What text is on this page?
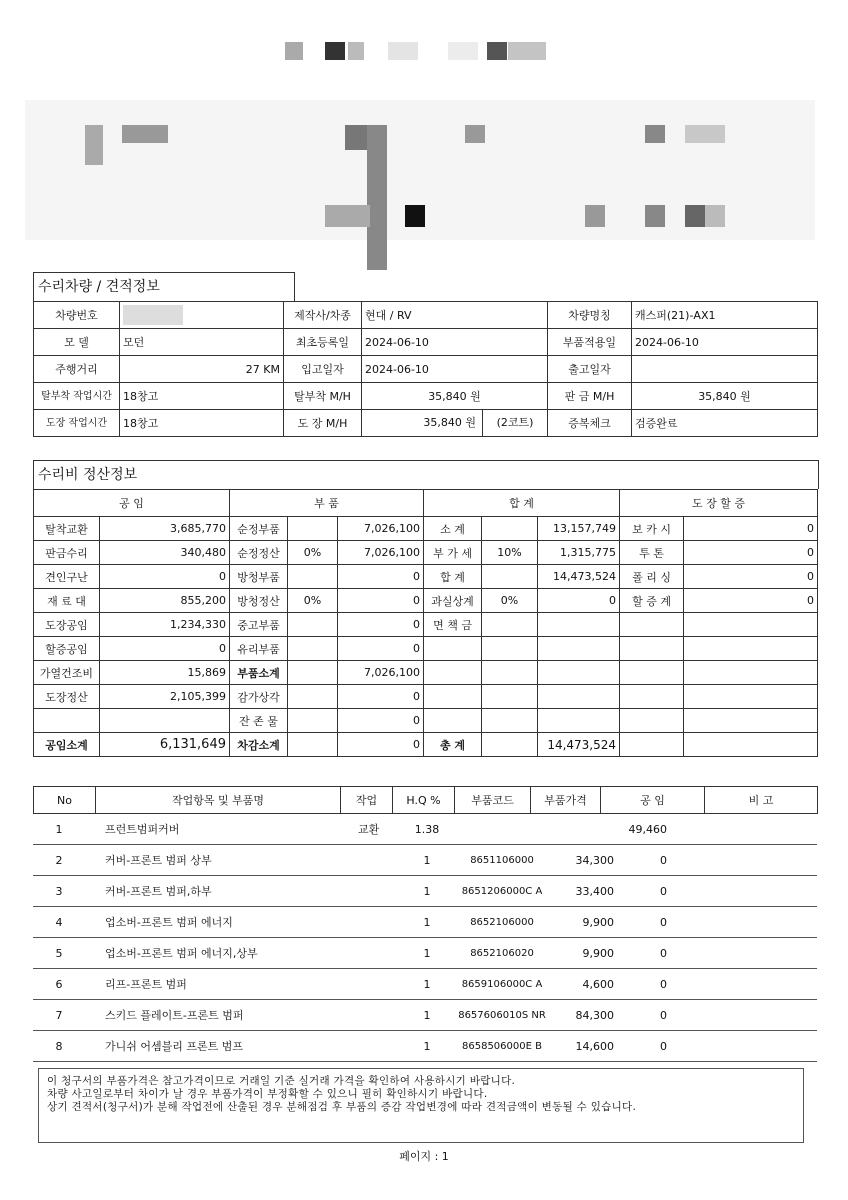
수리차량 / 견적정보
차량번호		제작사/차종	현대 / RV	차량명칭	캐스퍼(21)-AX1
모 델	모던	최초등록일	2024-06-10	부품적용일	2024-06-10
주행거리	27 KM	입고일자	2024-06-10	출고일자	
탈부착 작업시간	18창고	탈부착 M/H	35,840 원	판 금 M/H	35,840 원
도장 작업시간	18창고	도 장 M/H	35,840 원 (2코트)	증복체크	검증완료
수리비 정산정보
공 임		부 품			합 계			도 장 할 증	
탈착교환	3,685,770	순정부품		7,026,100	소 계		13,157,749	보 카 시	0
판금수리	340,480	순정정산	0%	7,026,100	부 가 세	10%	1,315,775	투 톤	0
견인구난	0	방청부품		0	합 계		14,473,524	폴 리 싱	0
재 료 대	855,200	방청정산	0%	0	과실상계	0%	0	할 증 계	0
도장공임	1,234,330	중고부품		0	면 책 금				
할증공임	0	유리부품		0					
가열건조비	15,869	부품소계		7,026,100					
도장정산	2,105,399	감가상각		0					
		잔 존 물		0					
공임소계	6,131,649	차감소계		0	총 계		14,473,524		
No	작업항목 및 부품명	작업	H.Q %	부품코드	부품가격	공 임	비 고
1	프런트범퍼커버	교환	1.38			49,460	
2	커버-프론트 범퍼 상부		1	8651106000	34,300	0	
3	커버-프론트 범퍼,하부		1	8651206000C A	33,400	0	
4	업소버-프론트 범퍼 에너지		1	8652106000	9,900	0	
5	업소버-프론트 범퍼 에너지,상부		1	8652106020	9,900	0	
6	리프-프론트 범퍼		1	8659106000C A	4,600	0	
7	스키드 플레이트-프론트 범퍼		1	8657606010S NR	84,300	0	
8	가니쉬 어셈블리 프론트 범프		1	8658506000E B	14,600	0	
이 청구서의 부품가격은 참고가격이므로 거래일 기준 실거래 가격을 확인하여 사용하시기 바랍니다.
차량 사고일로부터 차이가 날 경우 부품가격이 부정확할 수 있으니 필히 확인하시기 바랍니다.
상기 견적서(청구서)가 분해 작업전에 산출된 경우 분해점검 후 부품의 증감 작업변경에 따라 견적금액이 변동될 수 있습니다.
페이지 : 1
